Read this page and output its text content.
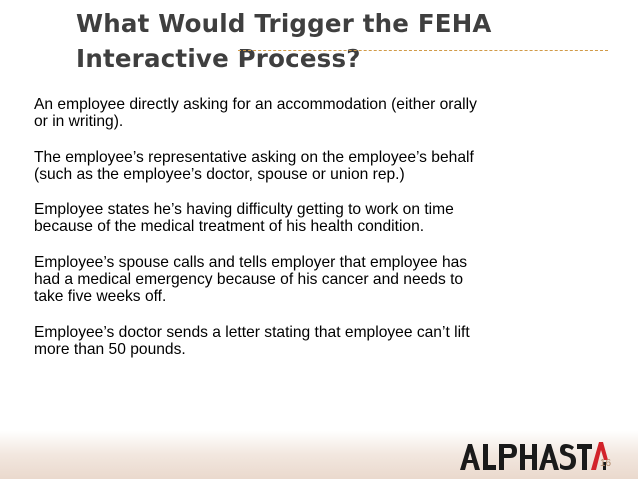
What Would Trigger the FEHA
Interactive Process?
An employee directly asking for an accommodation (either orally
or in writing).
The employee’s representative asking on the employee’s behalf
(such as the employee’s doctor, spouse or union rep.)
Employee states he’s having difficulty getting to work on time
because of the medical treatment of his health condition.
Employee’s spouse calls and tells employer that employee has
had a medical emergency because of his cancer and needs to
take five weeks off.
Employee’s doctor sends a letter stating that employee can’t lift
more than 50 pounds.
16
